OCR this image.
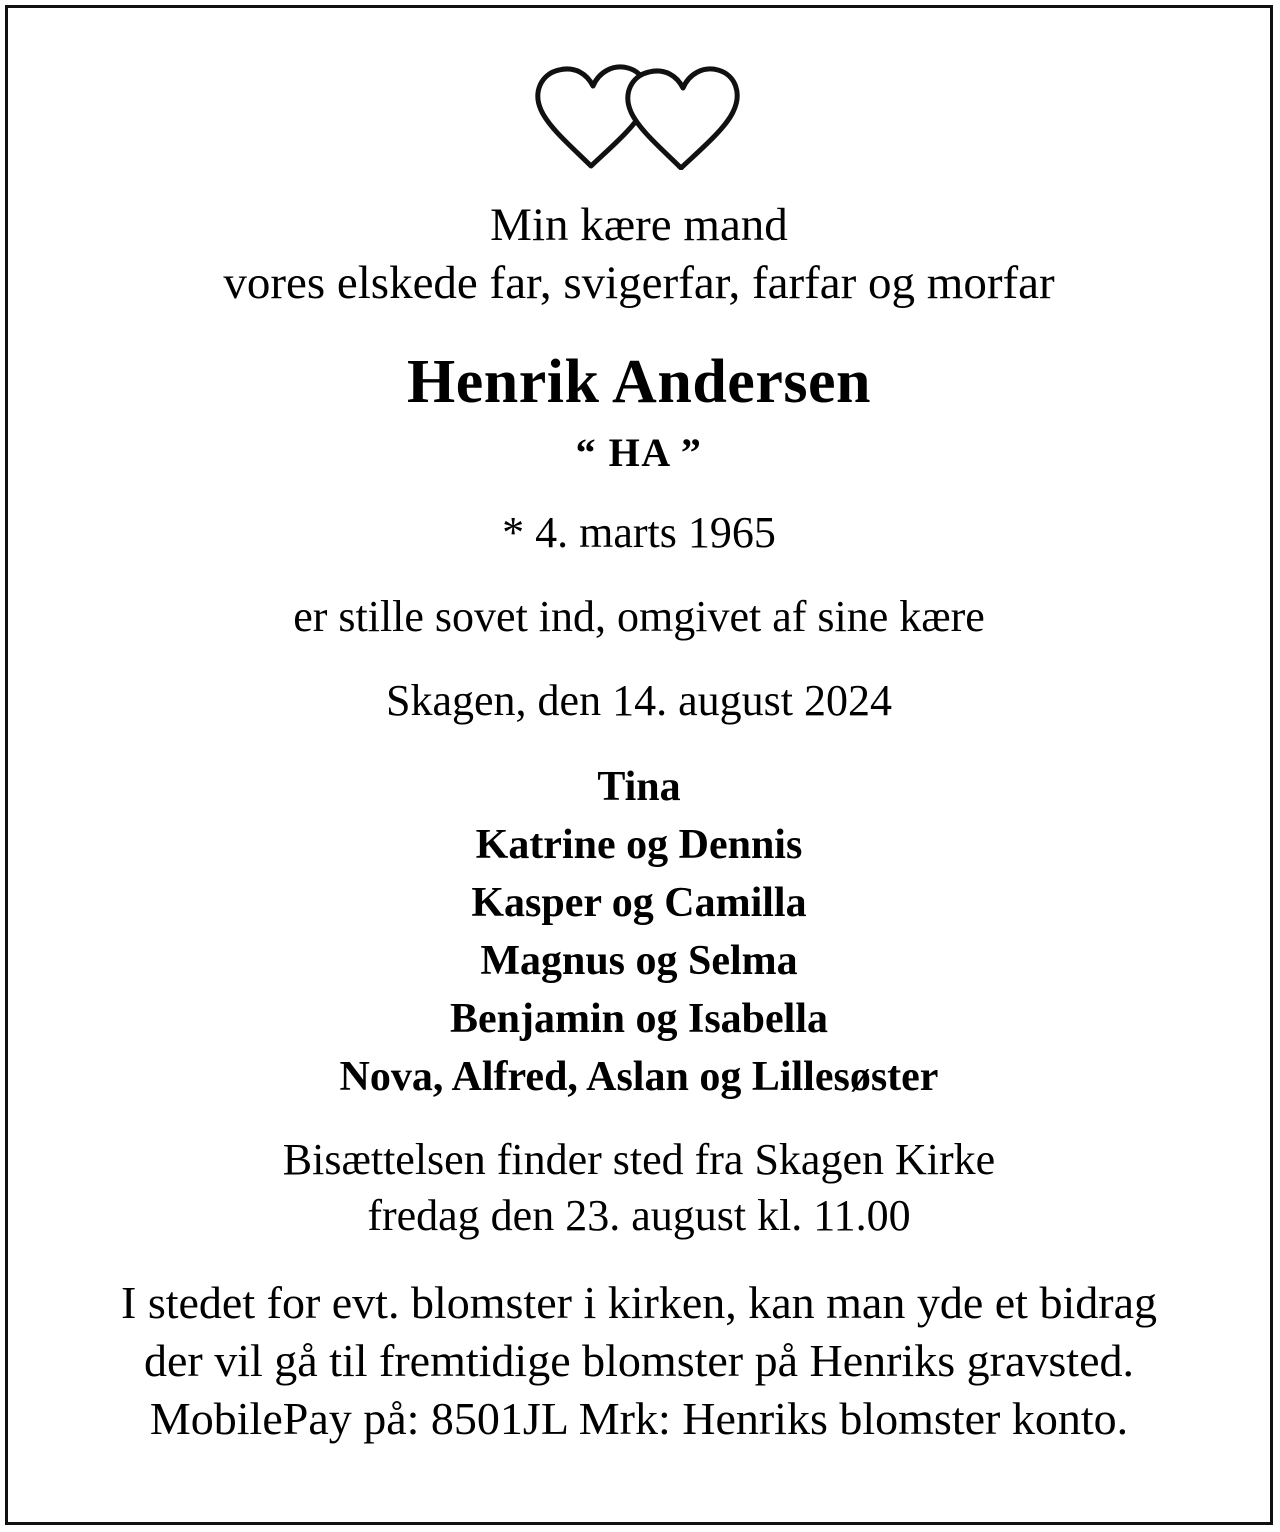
Min kære mand
vores elskede far, svigerfar, farfar og morfar
Henrik Andersen
“ HA ”
* 4. marts 1965
er stille sovet ind, omgivet af sine kære
Skagen, den 14. august 2024
Tina
Katrine og Dennis
Kasper og Camilla
Magnus og Selma
Benjamin og Isabella
Nova, Alfred, Aslan og Lillesøster
Bisættelsen finder sted fra Skagen Kirke
fredag den 23. august kl. 11.00
I stedet for evt. blomster i kirken, kan man yde et bidrag
der vil gå til fremtidige blomster på Henriks gravsted.
MobilePay på: 8501JL Mrk: Henriks blomster konto.
